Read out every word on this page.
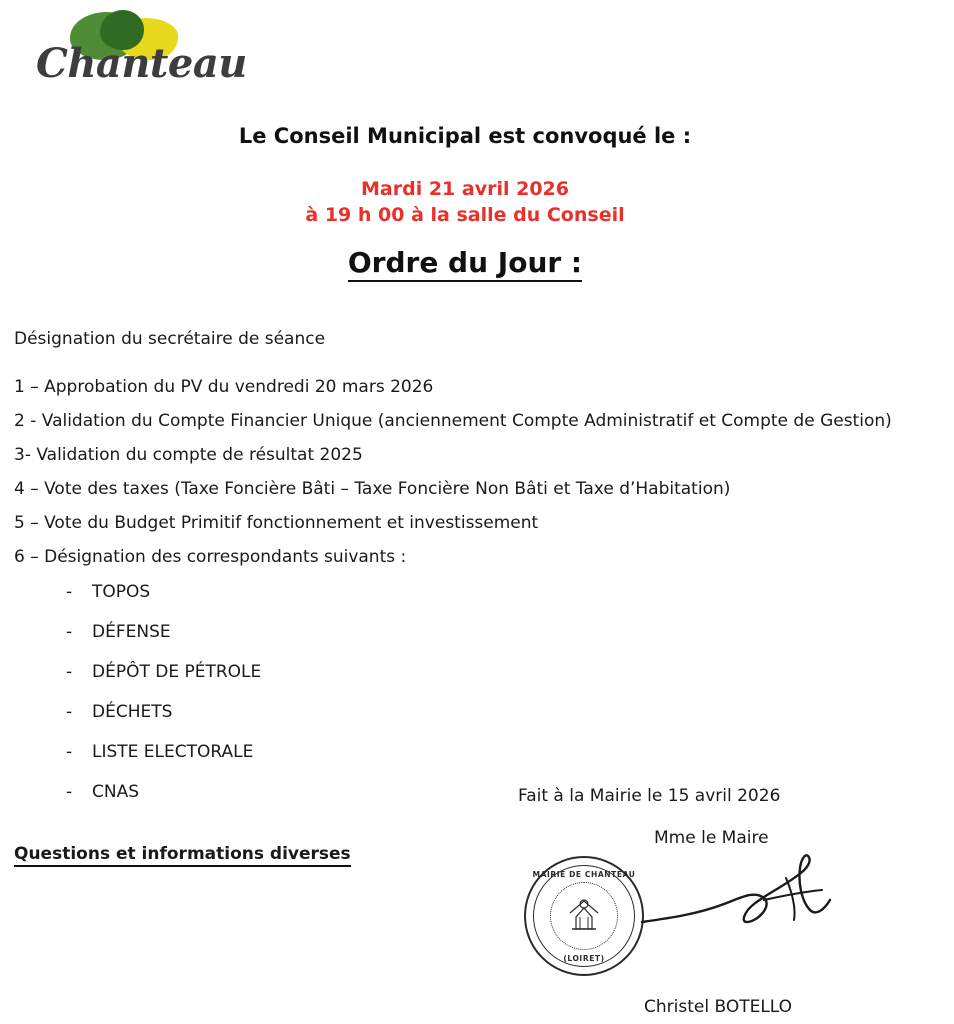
Chanteau
Le Conseil Municipal est convoqué le :
Mardi 21 avril 2026
à 19 h 00 à la salle du Conseil
Ordre du Jour :

Désignation du secrétaire de séance

1 – Approbation du PV du vendredi 20 mars 2026

2 - Validation du Compte Financier Unique (anciennement Compte Administratif et Compte de Gestion)

3- Validation du compte de résultat 2025

4 – Vote des taxes (Taxe Foncière Bâti – Taxe Foncière Non Bâti et Taxe d’Habitation)

5 – Vote du Budget Primitif fonctionnement et investissement

6 – Désignation des correspondants suivants :

- TOPOS
- DÉFENSE
- DÉPÔT DE PÉTROLE
- DÉCHETS
- LISTE ELECTORALE
- CNAS
Questions et informations diverses
Fait à la Mairie le 15 avril 2026
Mme le Maire
MAIRIE DE CHANTEAU
(LOIRET)
Christel BOTELLO
